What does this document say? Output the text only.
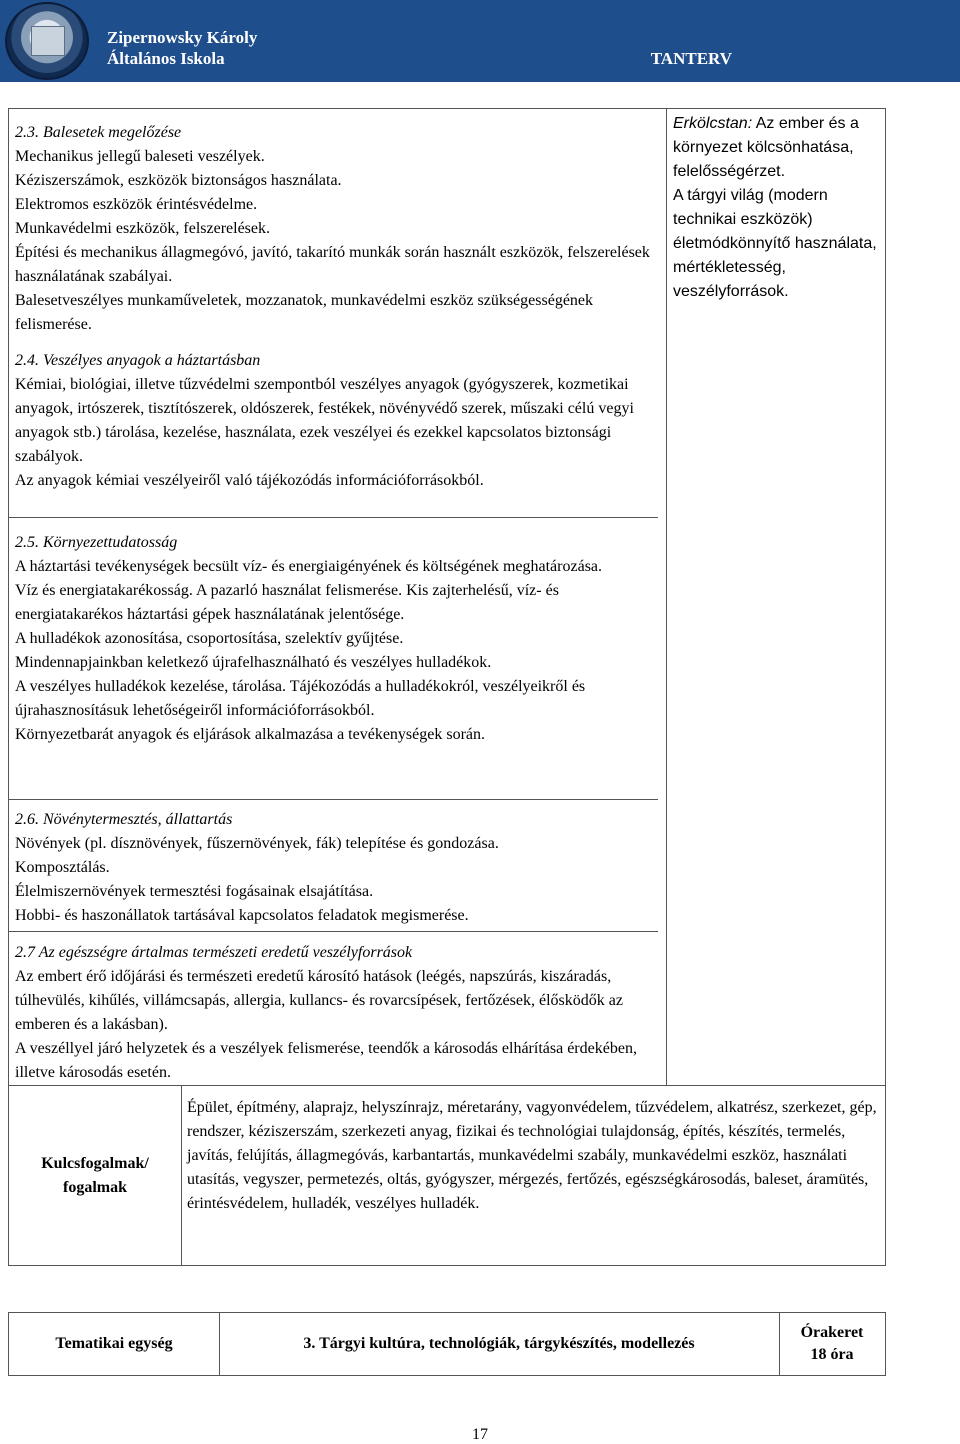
Zipernowsky Károly
Általános Iskola	TANTERV
2.3. Balesetek megelőzése
Mechanikus jellegű baleseti veszélyek.
Kéziszerszámok, eszközök biztonságos használata.
Elektromos eszközök érintésvédelme.
Munkavédelmi eszközök, felszerelések.
Építési és mechanikus állagmegóvó, javító, takarító munkák során használt eszközök, felszerelések használatának szabályai.
Balesetveszélyes munkaműveletek, mozzanatok, munkavédelmi eszköz szükségességének felismerése.
2.4. Veszélyes anyagok a háztartásban
Kémiai, biológiai, illetve tűzvédelmi szempontból veszélyes anyagok (gyógyszerek, kozmetikai anyagok, irtószerek, tisztítószerek, oldószerek, festékek, növényvédő szerek, műszaki célú vegyi anyagok stb.) tárolása, kezelése, használata, ezek veszélyei és ezekkel kapcsolatos biztonsági szabályok.
Az anyagok kémiai veszélyeiről való tájékozódás információforrásokból.
2.5. Környezettudatosság
A háztartási tevékenységek becsült víz- és energiaigényének és költségének meghatározása.
Víz és energiatakarékosság. A pazarló használat felismerése. Kis zajterhelésű, víz- és energiatakarékos háztartási gépek használatának jelentősége.
A hulladékok azonosítása, csoportosítása, szelektív gyűjtése.
Mindennapjainkban keletkező újrafelhasználható és veszélyes hulladékok.
A veszélyes hulladékok kezelése, tárolása. Tájékozódás a hulladékokról, veszélyeikről és újrahasznosításuk lehetőségeiről információforrásokból.
Környezetbarát anyagok és eljárások alkalmazása a tevékenységek során.
2.6. Növénytermesztés, állattartás
Növények (pl. dísznövények, fűszernövények, fák) telepítése és gondozása.
Komposztálás.
Élelmiszernövények termesztési fogásainak elsajátítása.
Hobbi- és haszonállatok tartásával kapcsolatos feladatok megismerése.
2.7 Az egészségre ártalmas természeti eredetű veszélyforrások
Az embert érő időjárási és természeti eredetű károsító hatások (leégés, napszúrás, kiszáradás, túlhevülés, kihűlés, villámcsapás, allergia, kullancs- és rovarcsípések, fertőzések, élősködők az emberen és a lakásban).
A veszéllyel járó helyzetek és a veszélyek felismerése, teendők a károsodás elhárítása érdekében, illetve károsodás esetén.
Erkölcstan: Az ember és a környezet kölcsönhatása, felelősségérzet.
A tárgyi világ (modern technikai eszközök) életmódkönnyítő használata, mértékletesség, veszélyforrások.
Kulcsfogalmak/ fogalmak
Épület, építmény, alaprajz, helyszínrajz, méretarány, vagyonvédelem, tűzvédelem, alkatrész, szerkezet, gép, rendszer, kéziszerszám, szerkezeti anyag, fizikai és technológiai tulajdonság, építés, készítés, termelés, javítás, felújítás, állagmegóvás, karbantartás, munkavédelmi szabály, munkavédelmi eszköz, használati utasítás, vegyszer, permetezés, oltás, gyógyszer, mérgezés, fertőzés, egészségkárosodás, baleset, áramütés, érintésvédelem, hulladék, veszélyes hulladék.
Tematikai egység	3. Tárgyi kultúra, technológiák, tárgykészítés, modellezés
Órakeret
18 óra
17
